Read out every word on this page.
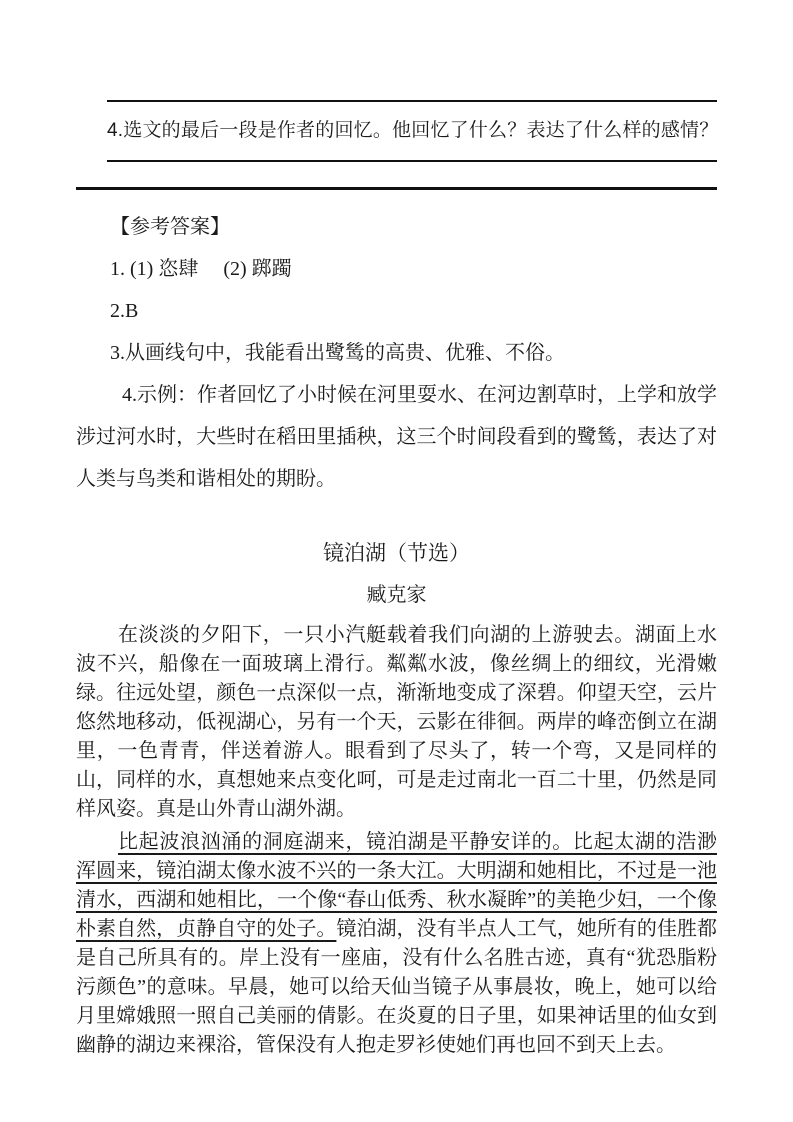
4.选文的最后一段是作者的回忆。他回忆了什么？表达了什么样的感情？

【参考答案】

1. (1) 恣肆　 (2) 踯躅

2.B

3.从画线句中，我能看出鹭鸶的高贵、优雅、不俗。

4.示例：作者回忆了小时候在河里耍水、在河边割草时，上学和放学涉过河水时，大些时在稻田里插秧，这三个时间段看到的鹭鸶，表达了对人类与鸟类和谐相处的期盼。

镜泊湖（节选）

臧克家

在淡淡的夕阳下，一只小汽艇载着我们向湖的上游驶去。湖面上水波不兴，船像在一面玻璃上滑行。粼粼水波，像丝绸上的细纹，光滑嫩绿。往远处望，颜色一点深似一点，渐渐地变成了深碧。仰望天空，云片悠然地移动，低视湖心，另有一个天，云影在徘徊。两岸的峰峦倒立在湖里，一色青青，伴送着游人。眼看到了尽头了，转一个弯，又是同样的山，同样的水，真想她来点变化呵，可是走过南北一百二十里，仍然是同样风姿。真是山外青山湖外湖。

比起波浪汹涌的洞庭湖来，镜泊湖是平静安详的。比起太湖的浩渺浑圆来，镜泊湖太像水波不兴的一条大江。大明湖和她相比，不过是一池清水，西湖和她相比，一个像“春山低秀、秋水凝眸”的美艳少妇，一个像朴素自然，贞静自守的处子。镜泊湖，没有半点人工气，她所有的佳胜都是自己所具有的。岸上没有一座庙，没有什么名胜古迹，真有“犹恐脂粉污颜色”的意味。早晨，她可以给天仙当镜子从事晨妆，晚上，她可以给月里嫦娥照一照自己美丽的倩影。在炎夏的日子里，如果神话里的仙女到幽静的湖边来裸浴，管保没有人抱走罗衫使她们再也回不到天上去。
